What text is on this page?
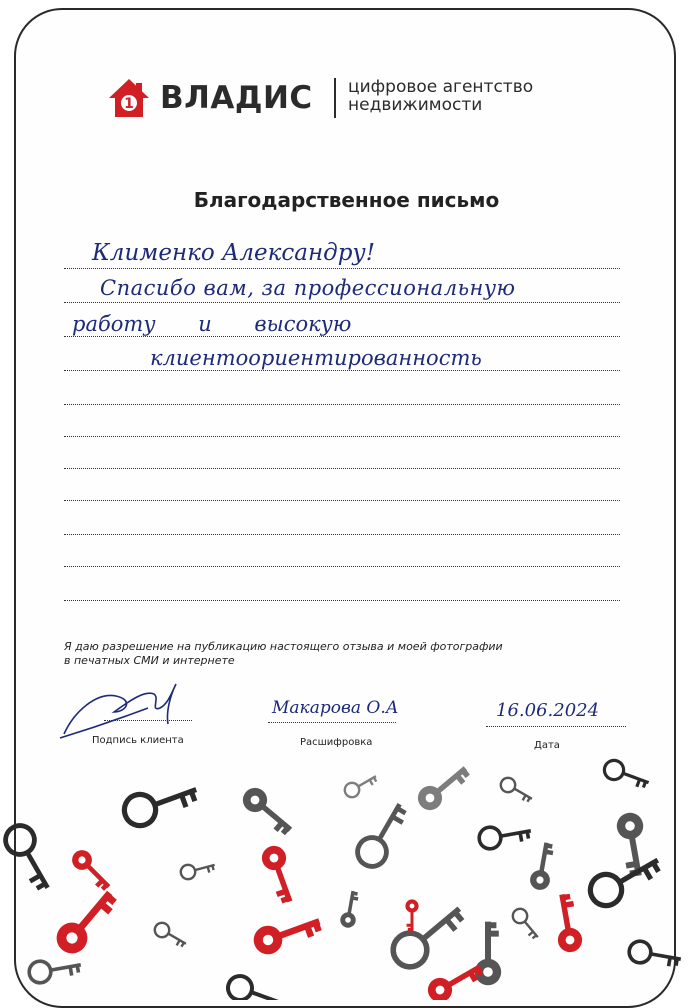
1 ВЛАДИС цифровое агентство
недвижимости
Благодарственное письмо
Клименко Александру!
Спасибо вам, за профессиональную
работу и высокую
клиентоориентированность
Я даю разрешение на публикацию настоящего отзыва и моей фотографии
в печатных СМИ и интернете
Подпись клиента
Макарова О.А
Расшифровка
16.06.2024
Дата
